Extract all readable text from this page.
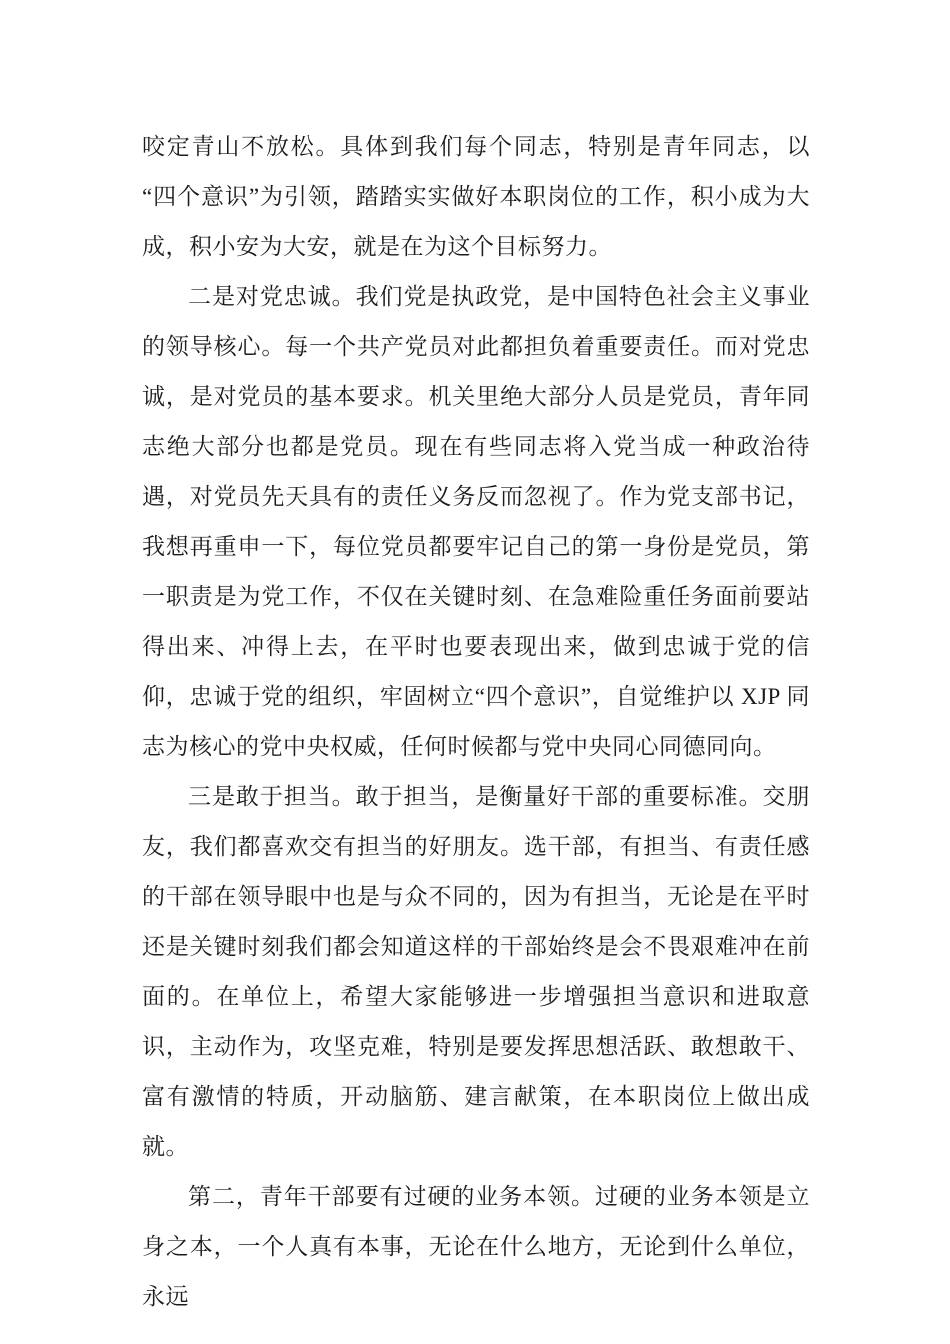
咬定青山不放松。具体到我们每个同志，特别是青年同志，以“四个意识”为引领，踏踏实实做好本职岗位的工作，积小成为大成，积小安为大安，就是在为这个目标努力。

二是对党忠诚。我们党是执政党，是中国特色社会主义事业的领导核心。每一个共产党员对此都担负着重要责任。而对党忠诚，是对党员的基本要求。机关里绝大部分人员是党员，青年同志绝大部分也都是党员。现在有些同志将入党当成一种政治待遇，对党员先天具有的责任义务反而忽视了。作为党支部书记，我想再重申一下，每位党员都要牢记自己的第一身份是党员，第一职责是为党工作，不仅在关键时刻、在急难险重任务面前要站得出来、冲得上去，在平时也要表现出来，做到忠诚于党的信仰，忠诚于党的组织，牢固树立“四个意识”，自觉维护以 XJP 同志为核心的党中央权威，任何时候都与党中央同心同德同向。

三是敢于担当。敢于担当，是衡量好干部的重要标准。交朋友，我们都喜欢交有担当的好朋友。选干部，有担当、有责任感的干部在领导眼中也是与众不同的，因为有担当，无论是在平时还是关键时刻我们都会知道这样的干部始终是会不畏艰难冲在前面的。在单位上，希望大家能够进一步增强担当意识和进取意识，主动作为，攻坚克难，特别是要发挥思想活跃、敢想敢干、富有激情的特质，开动脑筋、建言献策，在本职岗位上做出成就。

第二，青年干部要有过硬的业务本领。过硬的业务本领是立身之本，一个人真有本事，无论在什么地方，无论到什么单位，永远
